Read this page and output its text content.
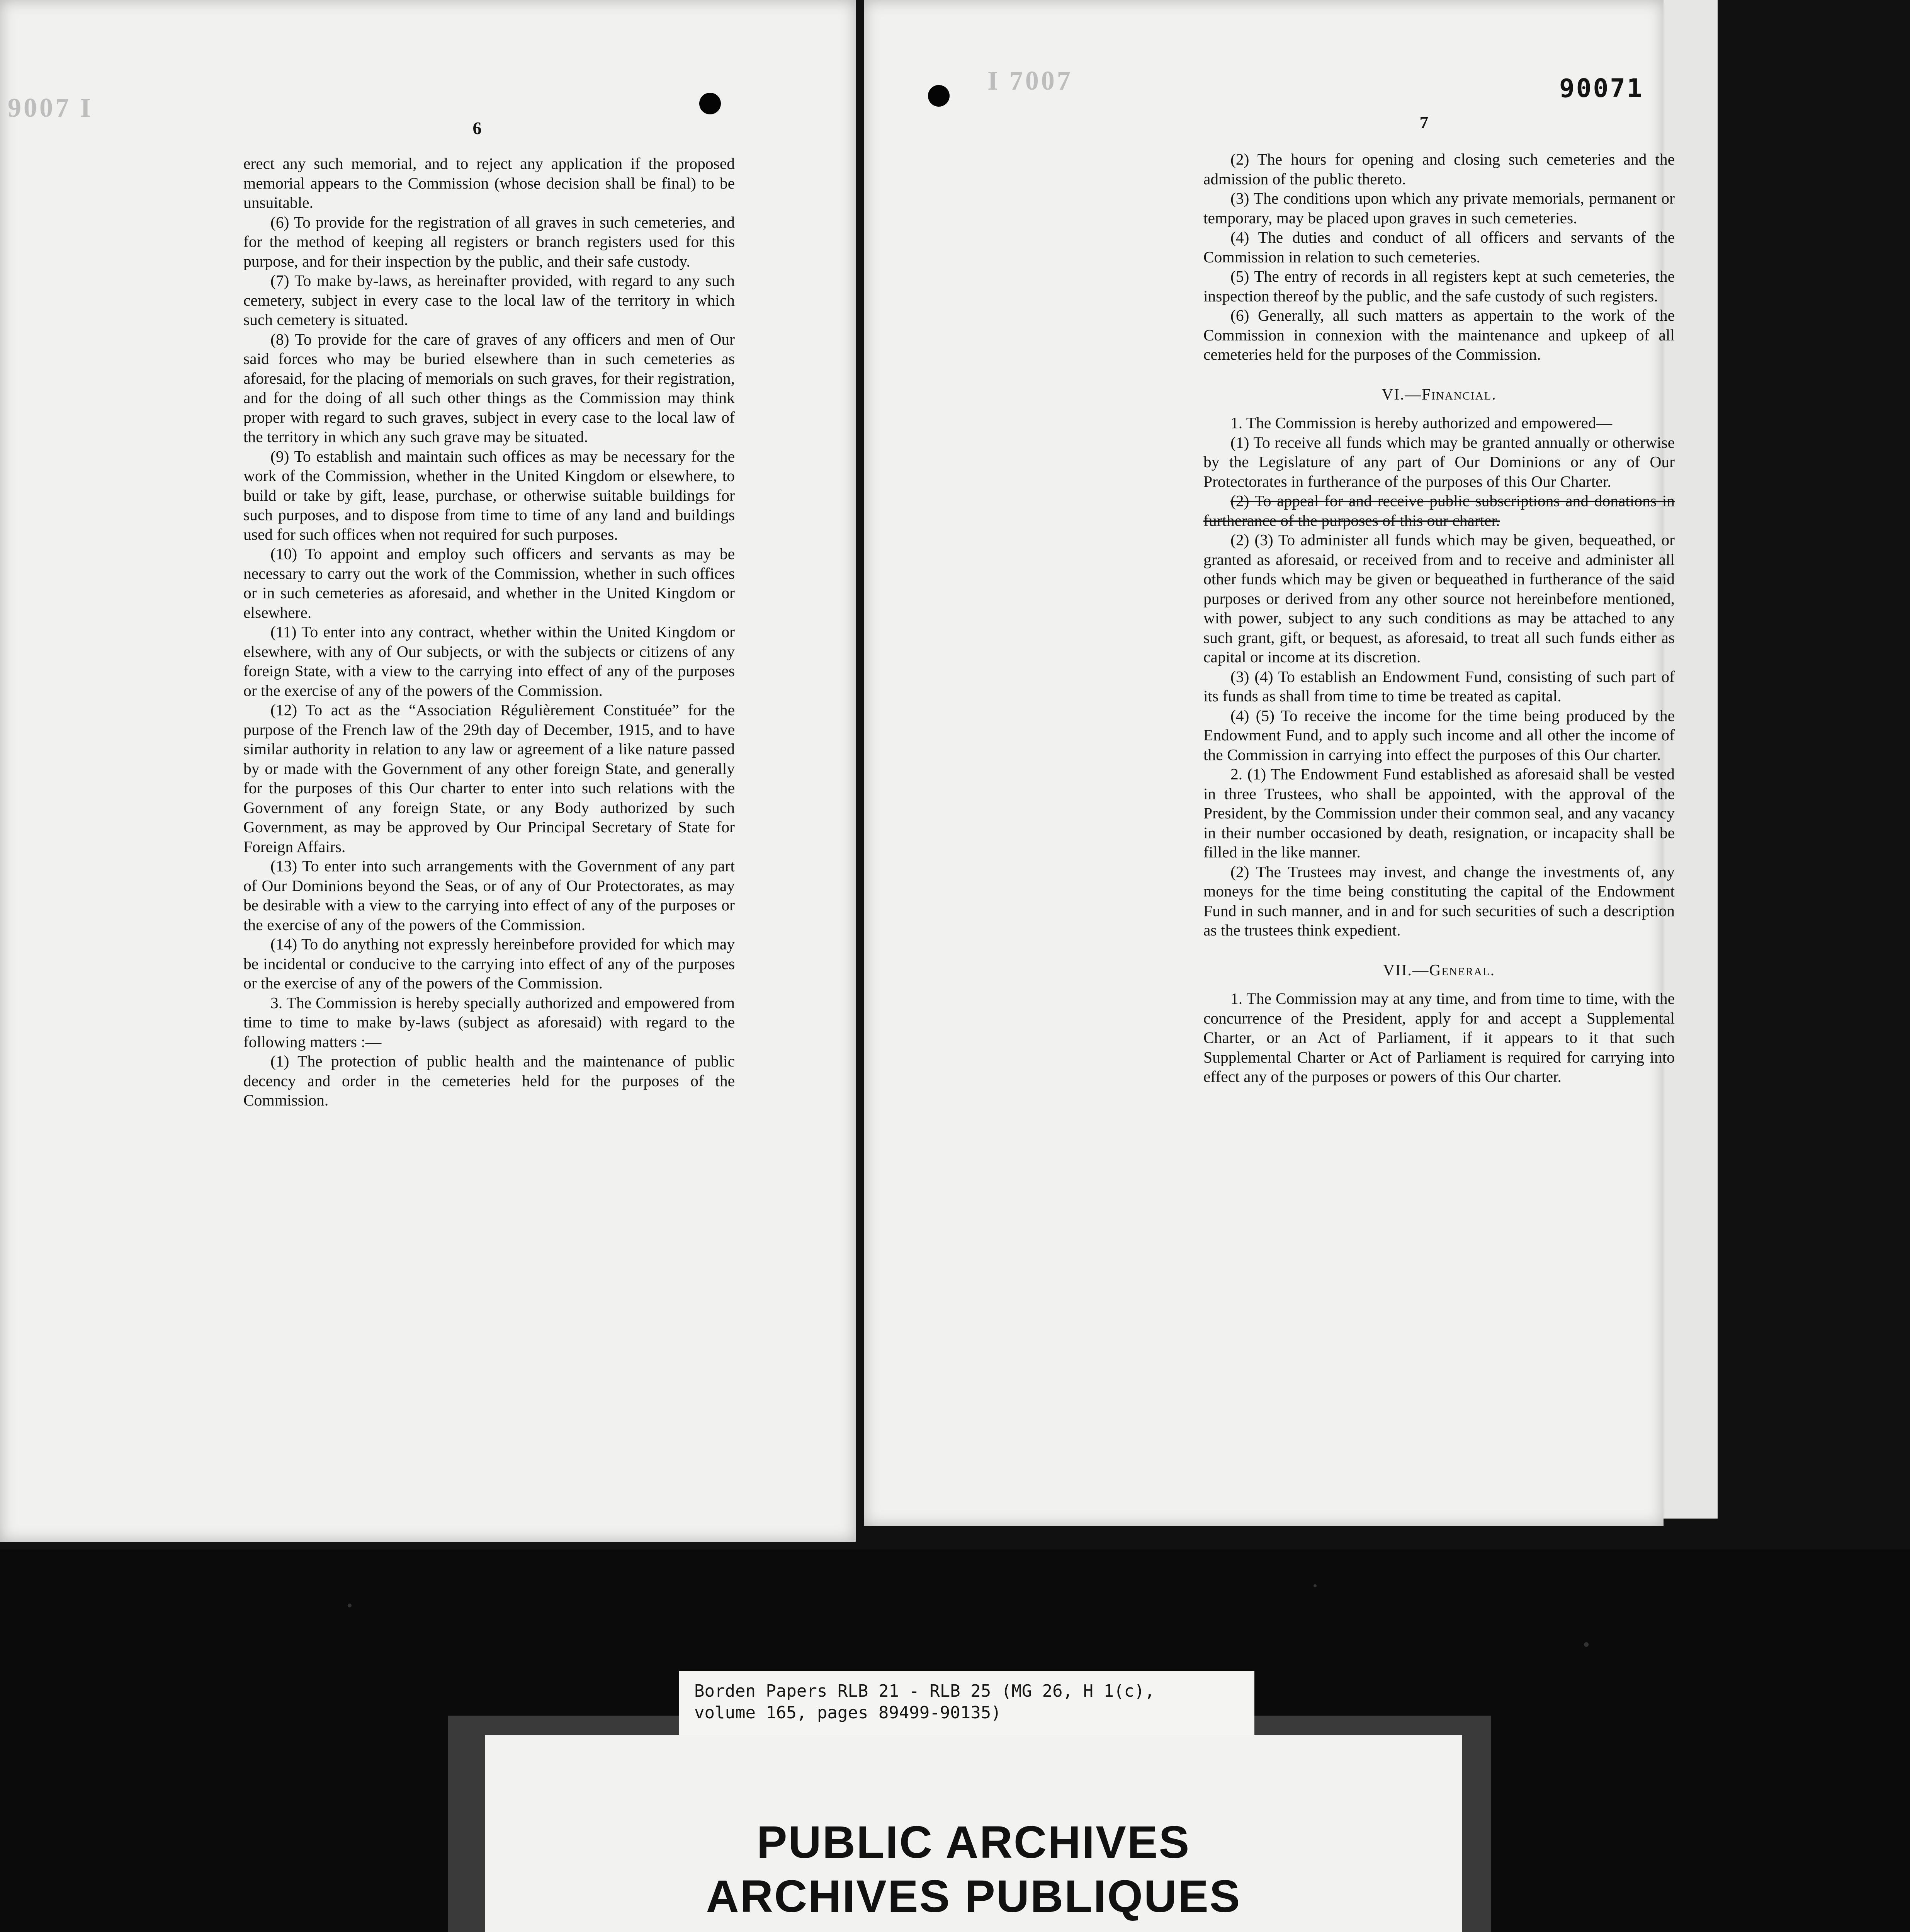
9007 I
6

erect any such memorial, and to reject any application if the proposed memorial appears to the Commission (whose decision shall be final) to be unsuitable.

(6) To provide for the registration of all graves in such cemeteries, and for the method of keeping all registers or branch registers used for this purpose, and for their inspection by the public, and their safe custody.

(7) To make by-laws, as hereinafter provided, with regard to any such cemetery, subject in every case to the local law of the territory in which such cemetery is situated.

(8) To provide for the care of graves of any officers and men of Our said forces who may be buried elsewhere than in such cemeteries as aforesaid, for the placing of memorials on such graves, for their registration, and for the doing of all such other things as the Commission may think proper with regard to such graves, subject in every case to the local law of the territory in which any such grave may be situated.

(9) To establish and maintain such offices as may be necessary for the work of the Commission, whether in the United Kingdom or elsewhere, to build or take by gift, lease, purchase, or otherwise suitable buildings for such purposes, and to dispose from time to time of any land and buildings used for such offices when not required for such purposes.

(10) To appoint and employ such officers and servants as may be necessary to carry out the work of the Commission, whether in such offices or in such cemeteries as aforesaid, and whether in the United Kingdom or elsewhere.

(11) To enter into any contract, whether within the United Kingdom or elsewhere, with any of Our subjects, or with the subjects or citizens of any foreign State, with a view to the carrying into effect of any of the purposes or the exercise of any of the powers of the Commission.

(12) To act as the “Association Régulièrement Constituée” for the purpose of the French law of the 29th day of December, 1915, and to have similar authority in relation to any law or agreement of a like nature passed by or made with the Government of any other foreign State, and generally for the purposes of this Our charter to enter into such relations with the Government of any foreign State, or any Body authorized by such Government, as may be approved by Our Principal Secretary of State for Foreign Affairs.

(13) To enter into such arrangements with the Government of any part of Our Dominions beyond the Seas, or of any of Our Protectorates, as may be desirable with a view to the carrying into effect of any of the purposes or the exercise of any of the powers of the Commission.

(14) To do anything not expressly hereinbefore provided for which may be incidental or conducive to the carrying into effect of any of the purposes or the exercise of any of the powers of the Commission.

3. The Commission is hereby specially authorized and empowered from time to time to make by-laws (subject as aforesaid) with regard to the following matters :—

(1) The protection of public health and the maintenance of public decency and order in the cemeteries held for the purposes of the Commission.

I 7007
7
90071

(2) The hours for opening and closing such cemeteries and the admission of the public thereto.

(3) The conditions upon which any private memorials, permanent or temporary, may be placed upon graves in such cemeteries.

(4) The duties and conduct of all officers and servants of the Commission in relation to such cemeteries.

(5) The entry of records in all registers kept at such cemeteries, the inspection thereof by the public, and the safe custody of such registers.

(6) Generally, all such matters as appertain to the work of the Commission in connexion with the maintenance and upkeep of all cemeteries held for the purposes of the Commission.

VI.—Financial.

1. The Commission is hereby authorized and empowered—

(1) To receive all funds which may be granted annually or otherwise by the Legislature of any part of Our Dominions or any of Our Protectorates in furtherance of the purposes of this Our Charter.

(2) To appeal for and receive public subscriptions and donations in furtherance of the purposes of this our charter.

(2) (3) To administer all funds which may be given, bequeathed, or granted as aforesaid, or received from and to receive and administer all other funds which may be given or bequeathed in furtherance of the said purposes or derived from any other source not hereinbefore mentioned, with power, subject to any such conditions as may be attached to any such grant, gift, or bequest, as aforesaid, to treat all such funds either as capital or income at its discretion.

(3) (4) To establish an Endowment Fund, consisting of such part of its funds as shall from time to time be treated as capital.

(4) (5) To receive the income for the time being produced by the Endowment Fund, and to apply such income and all other the income of the Commission in carrying into effect the purposes of this Our charter.

2. (1) The Endowment Fund established as aforesaid shall be vested in three Trustees, who shall be appointed, with the approval of the President, by the Commission under their common seal, and any vacancy in their number occasioned by death, resignation, or incapacity shall be filled in the like manner.

(2) The Trustees may invest, and change the investments of, any moneys for the time being constituting the capital of the Endowment Fund in such manner, and in and for such securities of such a description as the trustees think expedient.

VII.—General.

1. The Commission may at any time, and from time to time, with the concurrence of the President, apply for and accept a Supplemental Charter, or an Act of Parliament, if it appears to it that such Supplemental Charter or Act of Parliament is required for carrying into effect any of the purposes or powers of this Our charter.

Borden Papers RLB 21 - RLB 25 (MG 26, H 1(c),
volume 165, pages 89499-90135)
PUBLIC ARCHIVES
ARCHIVES PUBLIQUES
